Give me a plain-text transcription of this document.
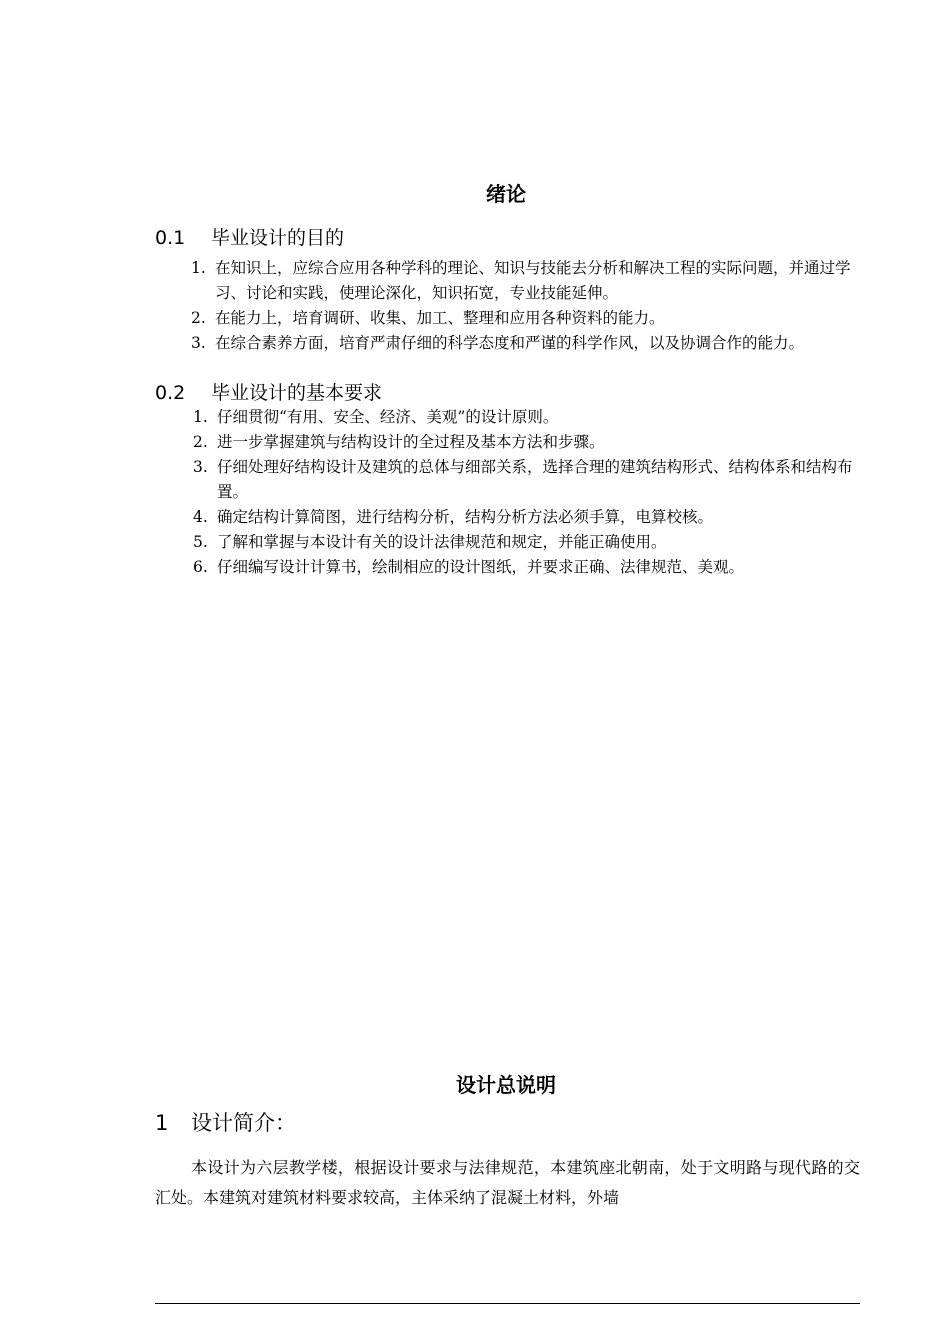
绪论
0.1 毕业设计的目的
1. 在知识上，应综合应用各种学科的理论、知识与技能去分析和解决工程的实际问题，并通过学习、讨论和实践，使理论深化，知识拓宽，专业技能延伸。
2. 在能力上，培育调研、收集、加工、整理和应用各种资料的能力。
3. 在综合素养方面，培育严肃仔细的科学态度和严谨的科学作风，以及协调合作的能力。
0.2 毕业设计的基本要求
1. 仔细贯彻“有用、安全、经济、美观”的设计原则。
2. 进一步掌握建筑与结构设计的全过程及基本方法和步骤。
3. 仔细处理好结构设计及建筑的总体与细部关系，选择合理的建筑结构形式、结构体系和结构布置。
4. 确定结构计算简图，进行结构分析，结构分析方法必须手算，电算校核。
5. 了解和掌握与本设计有关的设计法律规范和规定，并能正确使用。
6. 仔细编写设计计算书，绘制相应的设计图纸，并要求正确、法律规范、美观。
设计总说明
1 设计简介：

本设计为六层教学楼，根据设计要求与法律规范，本建筑座北朝南，处于文明路与现代路的交汇处。本建筑对建筑材料要求较高，主体采纳了混凝土材料，外墙
